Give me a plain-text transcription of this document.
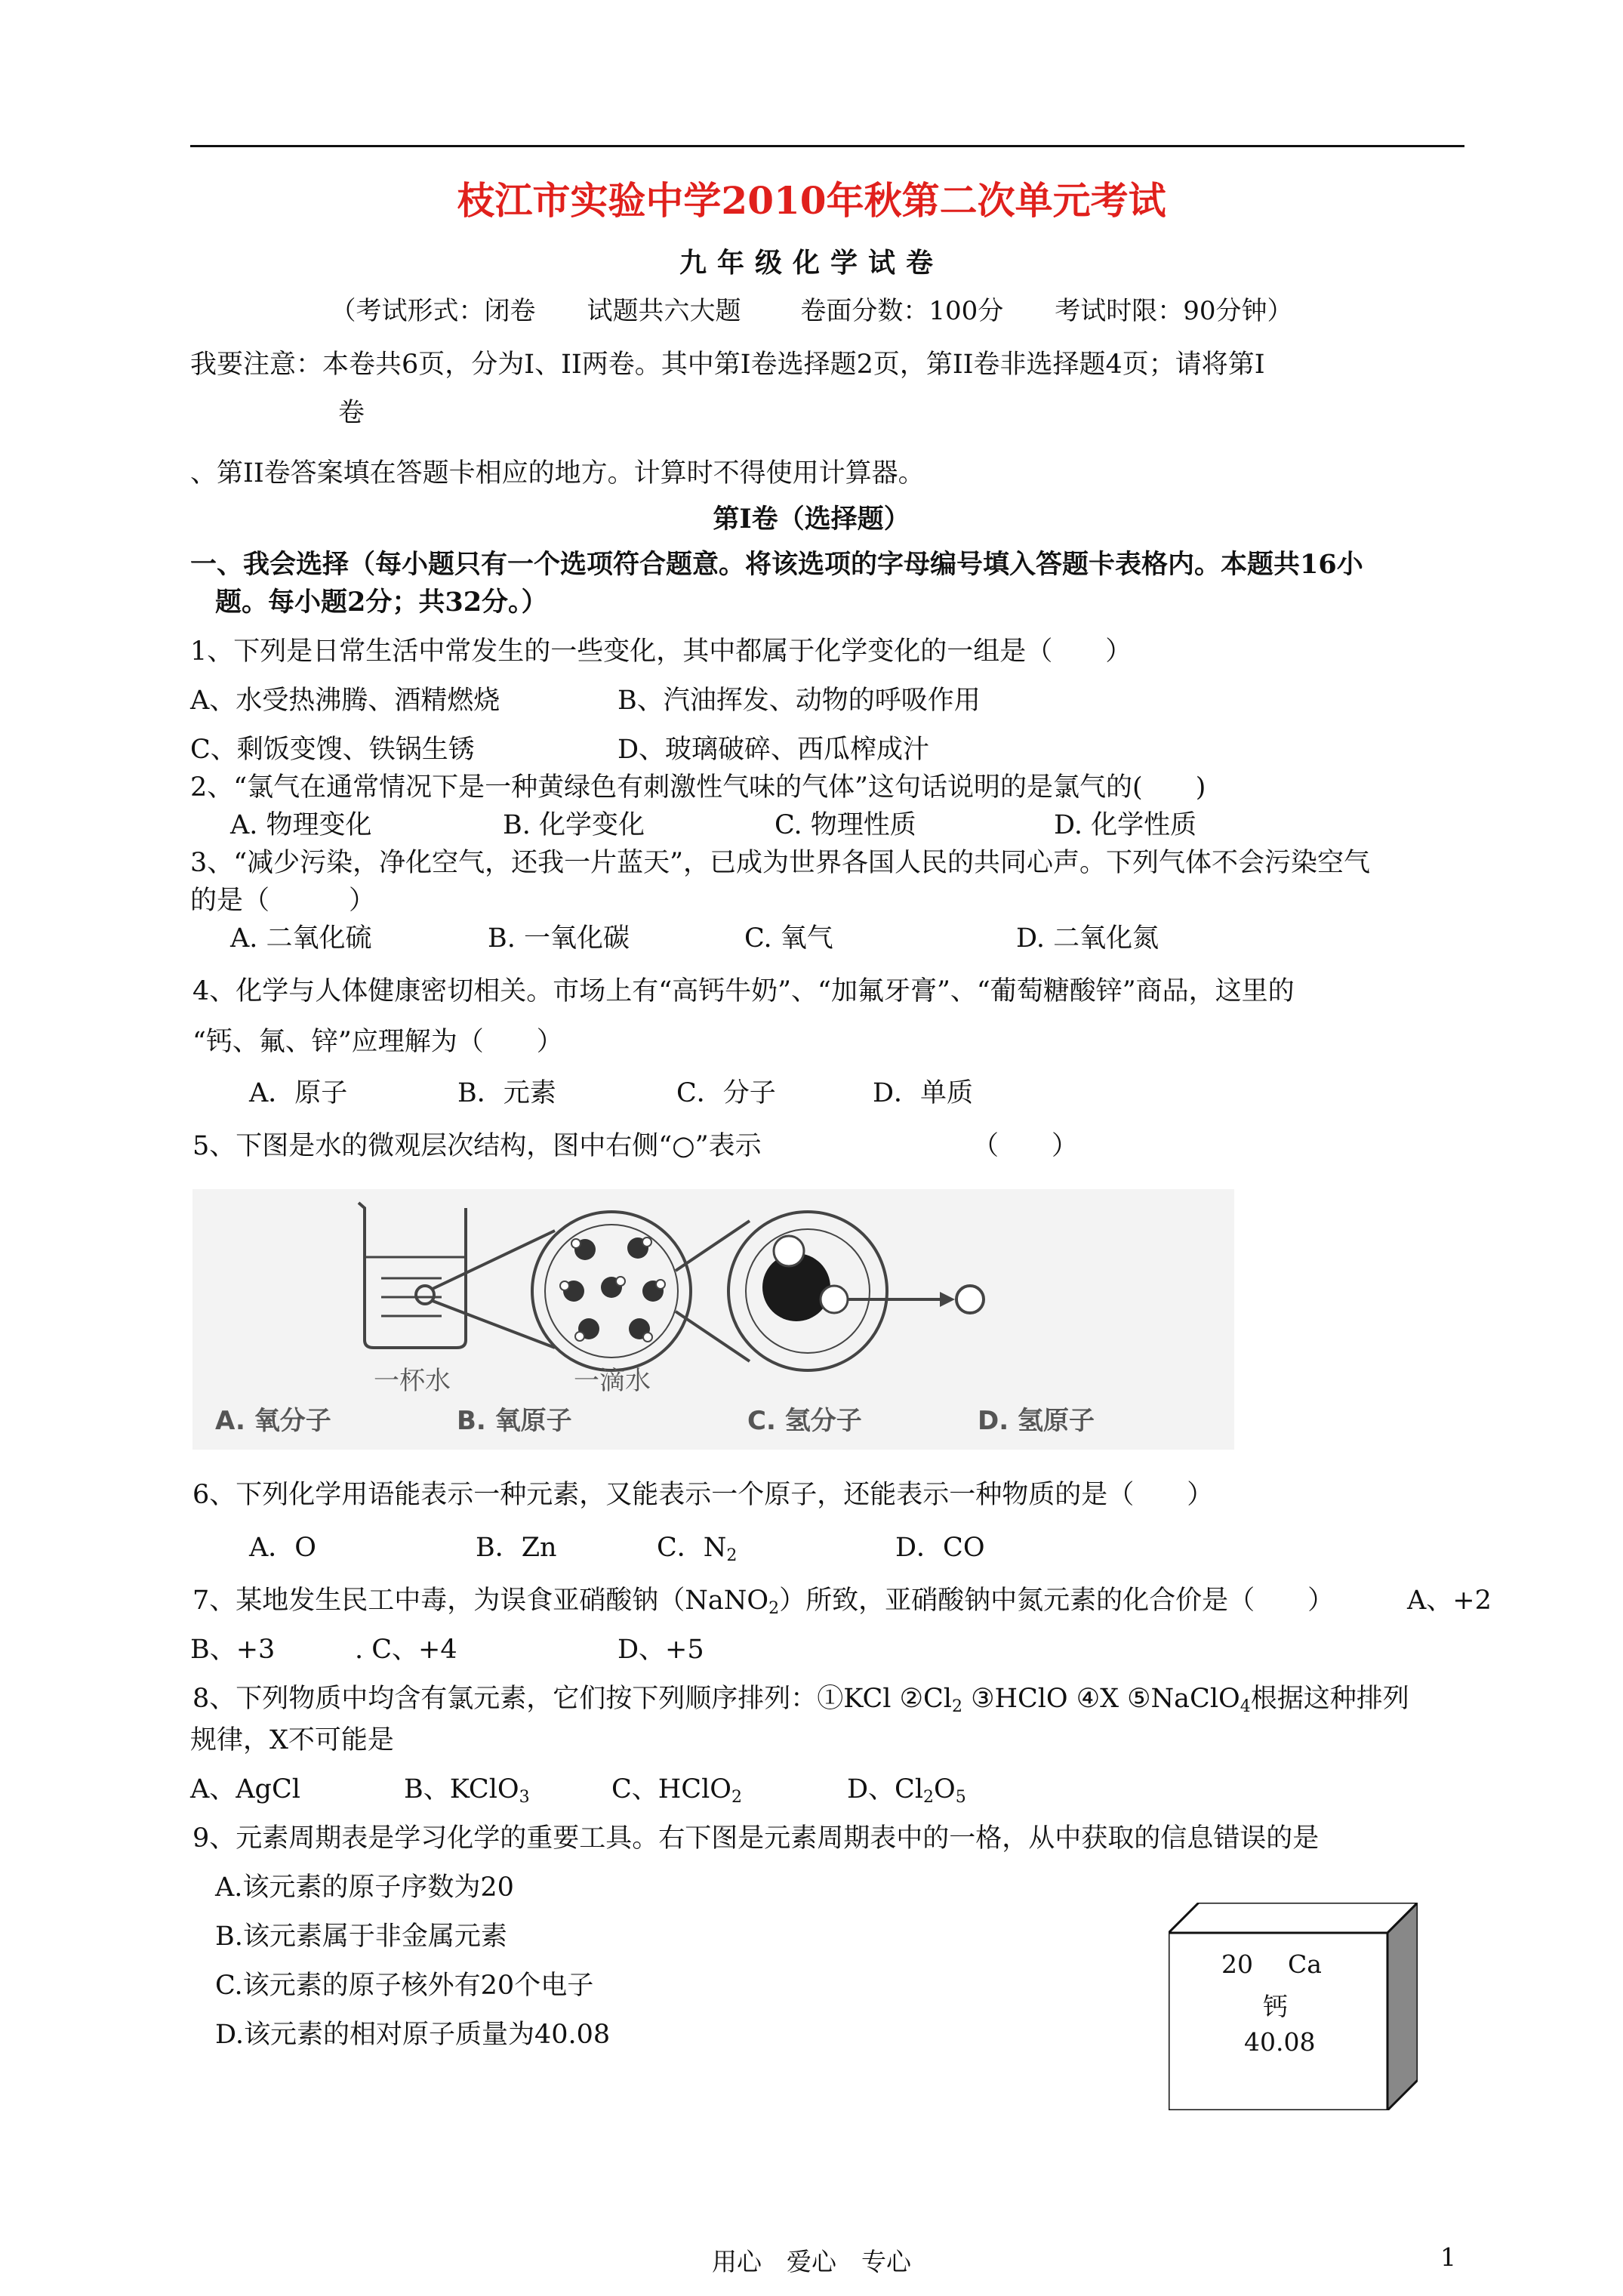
枝江市实验中学2010年秋第二次单元考试
九年级化学试卷
（考试形式：闭卷　　试题共六大题　　 卷面分数：100分　　考试时限：90分钟）
我要注意：本卷共6页，分为I、II两卷。其中第I卷选择题2页，第II卷非选择题4页；请将第I
卷
、第II卷答案填在答题卡相应的地方。计算时不得使用计算器。
第I卷（选择题）
一、我会选择（每小题只有一个选项符合题意。将该选项的字母编号填入答题卡表格内。本题共16小
题。每小题2分；共32分。）
1、下列是日常生活中常发生的一些变化，其中都属于化学变化的一组是（　　）
A、水受热沸腾、酒精燃烧	B、汽油挥发、动物的呼吸作用
C、剩饭变馊、铁锅生锈	D、玻璃破碎、西瓜榨成汁
2、“氯气在通常情况下是一种黄绿色有刺激性气味的气体”这句话说明的是氯气的(　　)
A. 物理变化	B. 化学变化	C. 物理性质	D. 化学性质
3、“减少污染，净化空气，还我一片蓝天”，已成为世界各国人民的共同心声。下列气体不会污染空气
的是（　　　）
A. 二氧化硫	B. 一氧化碳	C. 氧气	D. 二氧化氮
4、化学与人体健康密切相关。市场上有“高钙牛奶”、“加氟牙膏”、“葡萄糖酸锌”商品，这里的
“钙、氟、锌”应理解为（　　）
A．原子	B．元素	C．分子	D．单质
5、下图是水的微观层次结构，图中右侧“○”表示	（　　）
一杯水	一滴水
A. 氧分子	B. 氧原子	C. 氢分子	D. 氢原子
6、下列化学用语能表示一种元素，又能表示一个原子，还能表示一种物质的是（　　）
A．O	B．Zn	C．$N_2$	D．CO
7、某地发生民工中毒，为误食亚硝酸钠（NaNO$_2$）所致，亚硝酸钠中氮元素的化合价是（　　）	A、+2
B、+3	. C、+4	D、+5
8、下列物质中均含有氯元素，它们按下列顺序排列：①KCl $②Cl_2$ ③HClO ④X ⑤NaClO$_4$根据这种排列
规律，X不可能是
A、AgCl	B、KClO$_3$	C、HClO$_2$	D、$Cl_2O_5$
9、元素周期表是学习化学的重要工具。右下图是元素周期表中的一格，从中获取的信息错误的是
A.该元素的原子序数为20
B.该元素属于非金属元素
C.该元素的原子核外有20个电子
D.该元素的相对原子质量为40.08
20 Ca
钙
40.08
用心　爱心　专心	1
